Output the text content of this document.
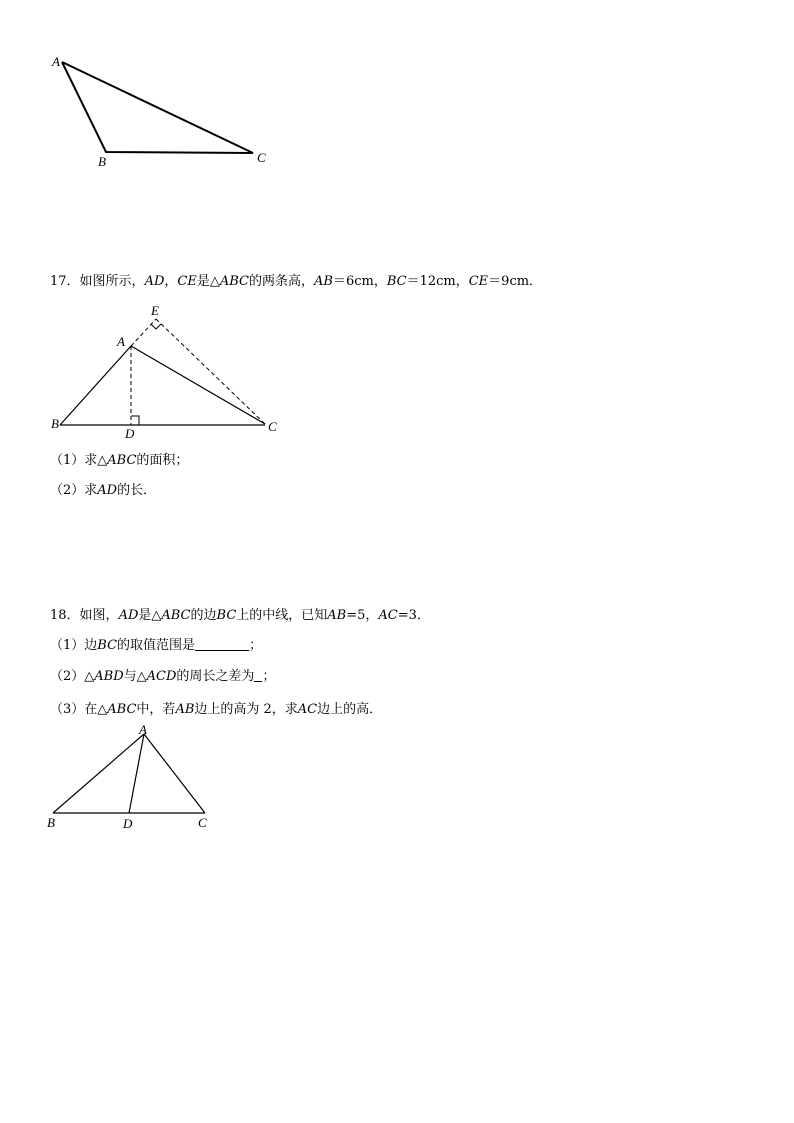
A
B	C
17．如图所示，AD，CE是△ABC的两条高，AB＝6cm，BC＝12cm，CE＝9cm．
A
B	C
D
E
（1）求△ABC的面积；
（2）求AD的长．
18．如图，AD是△ABC的边BC上的中线，已知AB=5，AC=3．
（1）边BC的取值范围是	；
（2）△ABD与△ACD的周长之差为 ；
（3）在△ABC中，若AB边上的高为 2，求AC边上的高．
A
B	D	C
